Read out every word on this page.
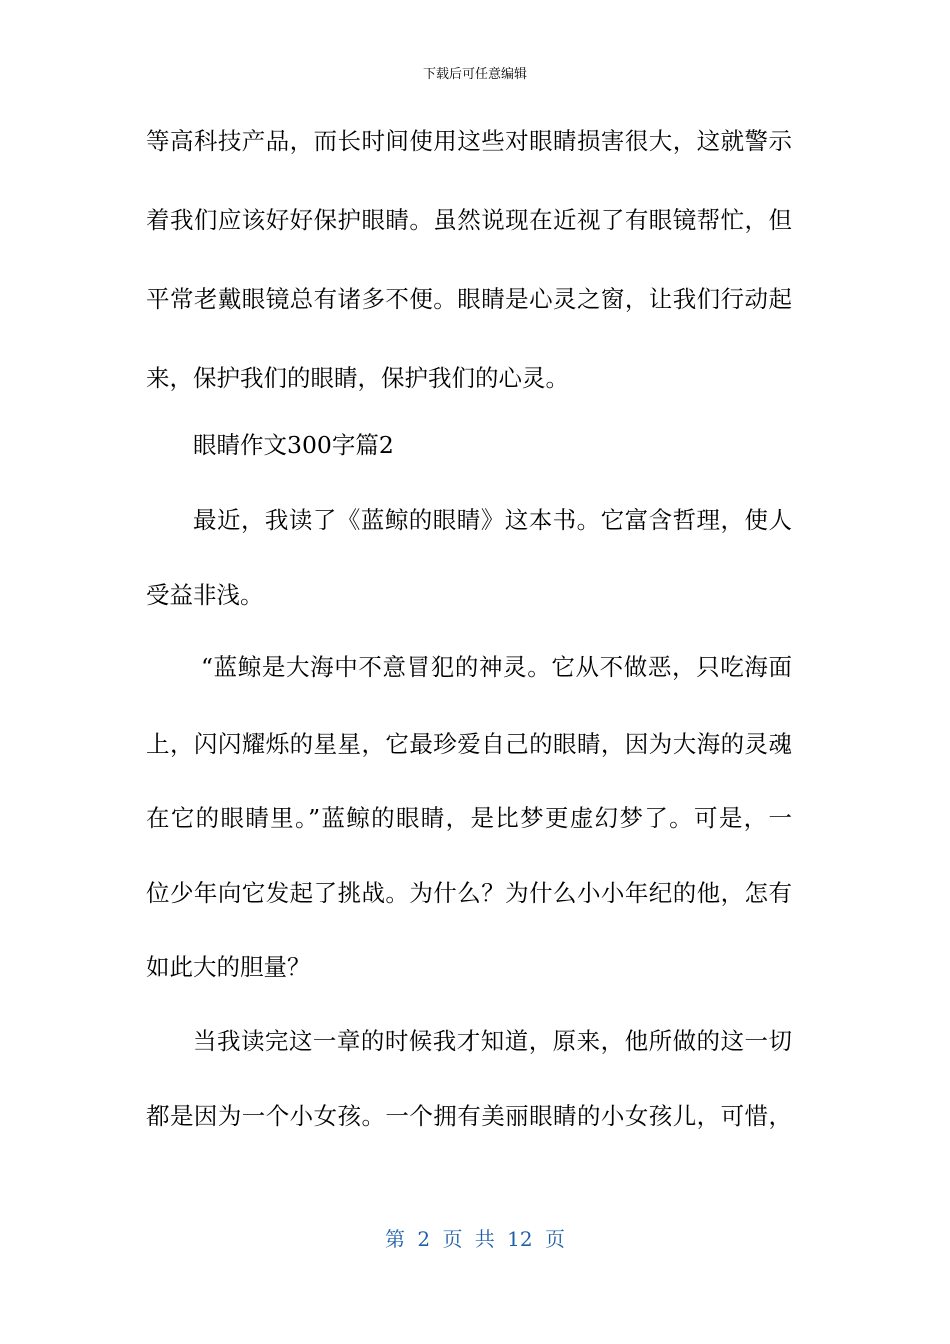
下载后可任意编辑
等高科技产品，而长时间使用这些对眼睛损害很大，这就警示
着我们应该好好保护眼睛。虽然说现在近视了有眼镜帮忙，但
平常老戴眼镜总有诸多不便。眼睛是心灵之窗，让我们行动起
来，保护我们的眼睛，保护我们的心灵。
眼睛作文300字篇2
最近，我读了《蓝鲸的眼睛》这本书。它富含哲理，使人
受益非浅。
“蓝鲸是大海中不意冒犯的神灵。它从不做恶，只吃海面
上，闪闪耀烁的星星，它最珍爱自己的眼睛，因为大海的灵魂
在它的眼睛里。”蓝鲸的眼睛，是比梦更虚幻梦了。可是，一
位少年向它发起了挑战。为什么？为什么小小年纪的他，怎有
如此大的胆量？
当我读完这一章的时候我才知道，原来，他所做的这一切
都是因为一个小女孩。一个拥有美丽眼睛的小女孩儿，可惜，
第 2 页 共 12 页
